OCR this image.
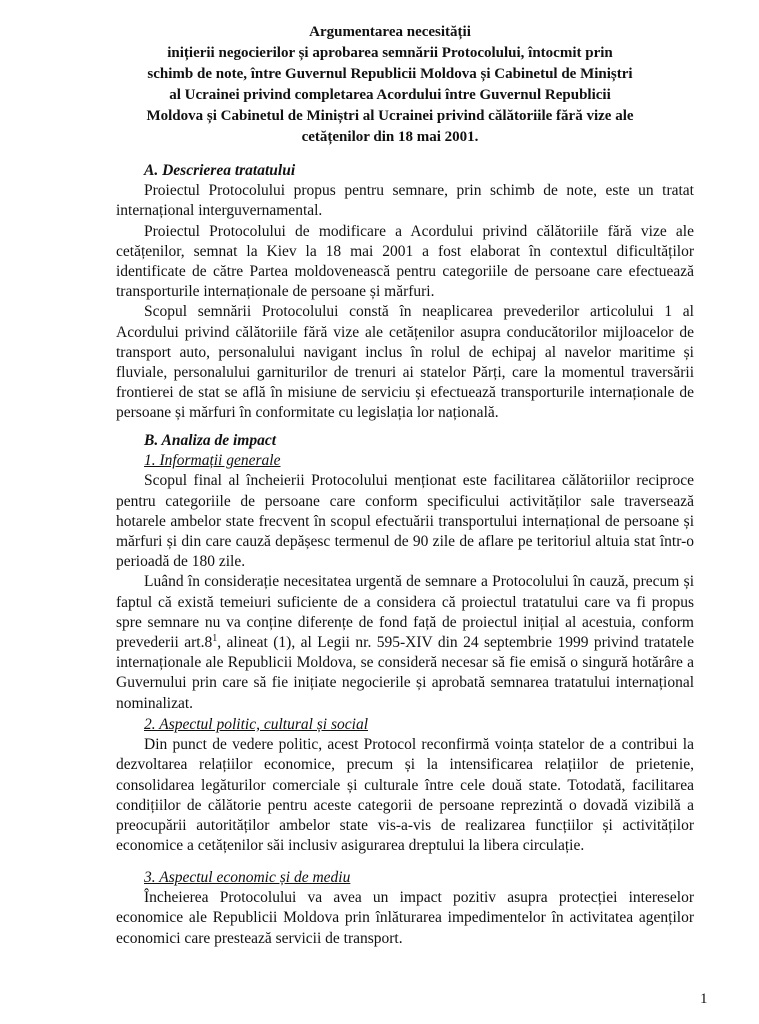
Argumentarea necesității
inițierii negocierilor și aprobarea semnării Protocolului, întocmit prin
schimb de note, între Guvernul Republicii Moldova și Cabinetul de Miniștri
al Ucrainei privind completarea Acordului între Guvernul Republicii
Moldova și Cabinetul de Miniștri al Ucrainei privind călătoriile fără vize ale
cetățenilor din 18 mai 2001.

A. Descrierea tratatului

Proiectul Protocolului propus pentru semnare, prin schimb de note, este un tratat internațional interguvernamental.

Proiectul Protocolului de modificare a Acordului privind călătoriile fără vize ale cetățenilor, semnat la Kiev la 18 mai 2001 a fost elaborat în contextul dificultăților identificate de către Partea moldovenească pentru categoriile de persoane care efectuează transporturile internaționale de persoane și mărfuri.

Scopul semnării Protocolului constă în neaplicarea prevederilor articolului 1 al Acordului privind călătoriile fără vize ale cetățenilor asupra conducătorilor mijloacelor de transport auto, personalului navigant inclus în rolul de echipaj al navelor maritime și fluviale, personalului garniturilor de trenuri ai statelor Părți, care la momentul traversării frontierei de stat se află în misiune de serviciu și efectuează transporturile internaționale de persoane și mărfuri în conformitate cu legislația lor națională.

B. Analiza de impact

1. Informații generale

Scopul final al încheierii Protocolului menționat este facilitarea călătoriilor reciproce pentru categoriile de persoane care conform specificului activităților sale traversează hotarele ambelor state frecvent în scopul efectuării transportului internațional de persoane și mărfuri și din care cauză depășesc termenul de 90 zile de aflare pe teritoriul altuia stat într-o perioadă de 180 zile.

Luând în considerație necesitatea urgentă de semnare a Protocolului în cauză, precum și faptul că există temeiuri suficiente de a considera că proiectul tratatului care va fi propus spre semnare nu va conține diferențe de fond față de proiectul inițial al acestuia, conform prevederii $art.8^1$, alineat (1), al Legii nr. 595-XIV din 24 septembrie 1999 privind tratatele internaționale ale Republicii Moldova, se consideră necesar să fie emisă o singură hotărâre a Guvernului prin care să fie inițiate negocierile și aprobată semnarea tratatului internațional nominalizat.

2. Aspectul politic, cultural și social

Din punct de vedere politic, acest Protocol reconfirmă voința statelor de a contribui la dezvoltarea relațiilor economice, precum și la intensificarea relațiilor de prietenie, consolidarea legăturilor comerciale și culturale între cele două state. Totodată, facilitarea condițiilor de călătorie pentru aceste categorii de persoane reprezintă o dovadă vizibilă a preocupării autorităților ambelor state vis-a-vis de realizarea funcțiilor și activităților economice a cetățenilor săi inclusiv asigurarea dreptului la libera circulație.

3. Aspectul economic și de mediu

Încheierea Protocolului va avea un impact pozitiv asupra protecției intereselor economice ale Republicii Moldova prin înlăturarea impedimentelor în activitatea agenților economici care prestează servicii de transport.

1
